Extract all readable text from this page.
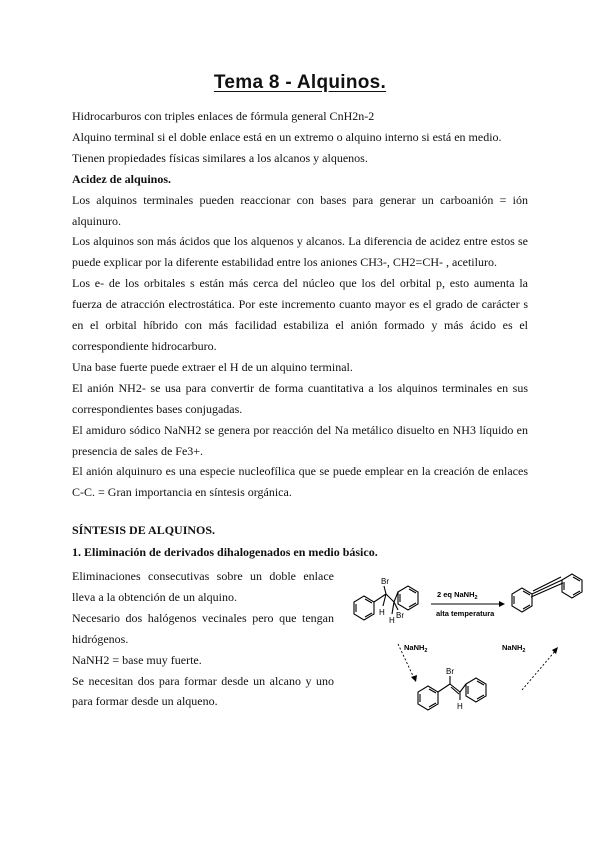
Tema 8 - Alquinos.

Hidrocarburos con triples enlaces de fórmula general CnH2n-2

Alquino terminal si el doble enlace está en un extremo o alquino interno si está en medio.

Tienen propiedades físicas similares a los alcanos y alquenos.

Acidez de alquinos.

Los alquinos terminales pueden reaccionar con bases para generar un carboanión = ión alquinuro.

Los alquinos son más ácidos que los alquenos y alcanos. La diferencia de acidez entre estos se puede explicar por la diferente estabilidad entre los aniones CH3-, CH2=CH- , acetiluro.

Los e- de los orbitales s están más cerca del núcleo que los del orbital p, esto aumenta la fuerza de atracción electrostática. Por este incremento cuanto mayor es el grado de carácter s en el orbital híbrido con más facilidad estabiliza el anión formado y más ácido es el correspondiente hidrocarburo.

Una base fuerte puede extraer el H de un alquino terminal.

El anión NH2- se usa para convertir de forma cuantitativa a los alquinos terminales en sus correspondientes bases conjugadas.

El amiduro sódico NaNH2 se genera por reacción del Na metálico disuelto en NH3 líquido en presencia de sales de Fe3+.

El anión alquinuro es una especie nucleofílica que se puede emplear en la creación de enlaces C-C. = Gran importancia en síntesis orgánica.

SÍNTESIS DE ALQUINOS.
1. Eliminación de derivados dihalogenados en medio básico.

Eliminaciones consecutivas sobre un doble enlace lleva a la obtención de un alquino.

Necesario dos halógenos vecinales pero que tengan hidrógenos.

NaNH2 = base muy fuerte.

Se necesitan dos para formar desde un alcano y uno para formar desde un alqueno.

Br
Br
H
H
2 eq NaNH$_2$
alta temperatura
NaNH$_2$	NaNH$_2$
Br
H
